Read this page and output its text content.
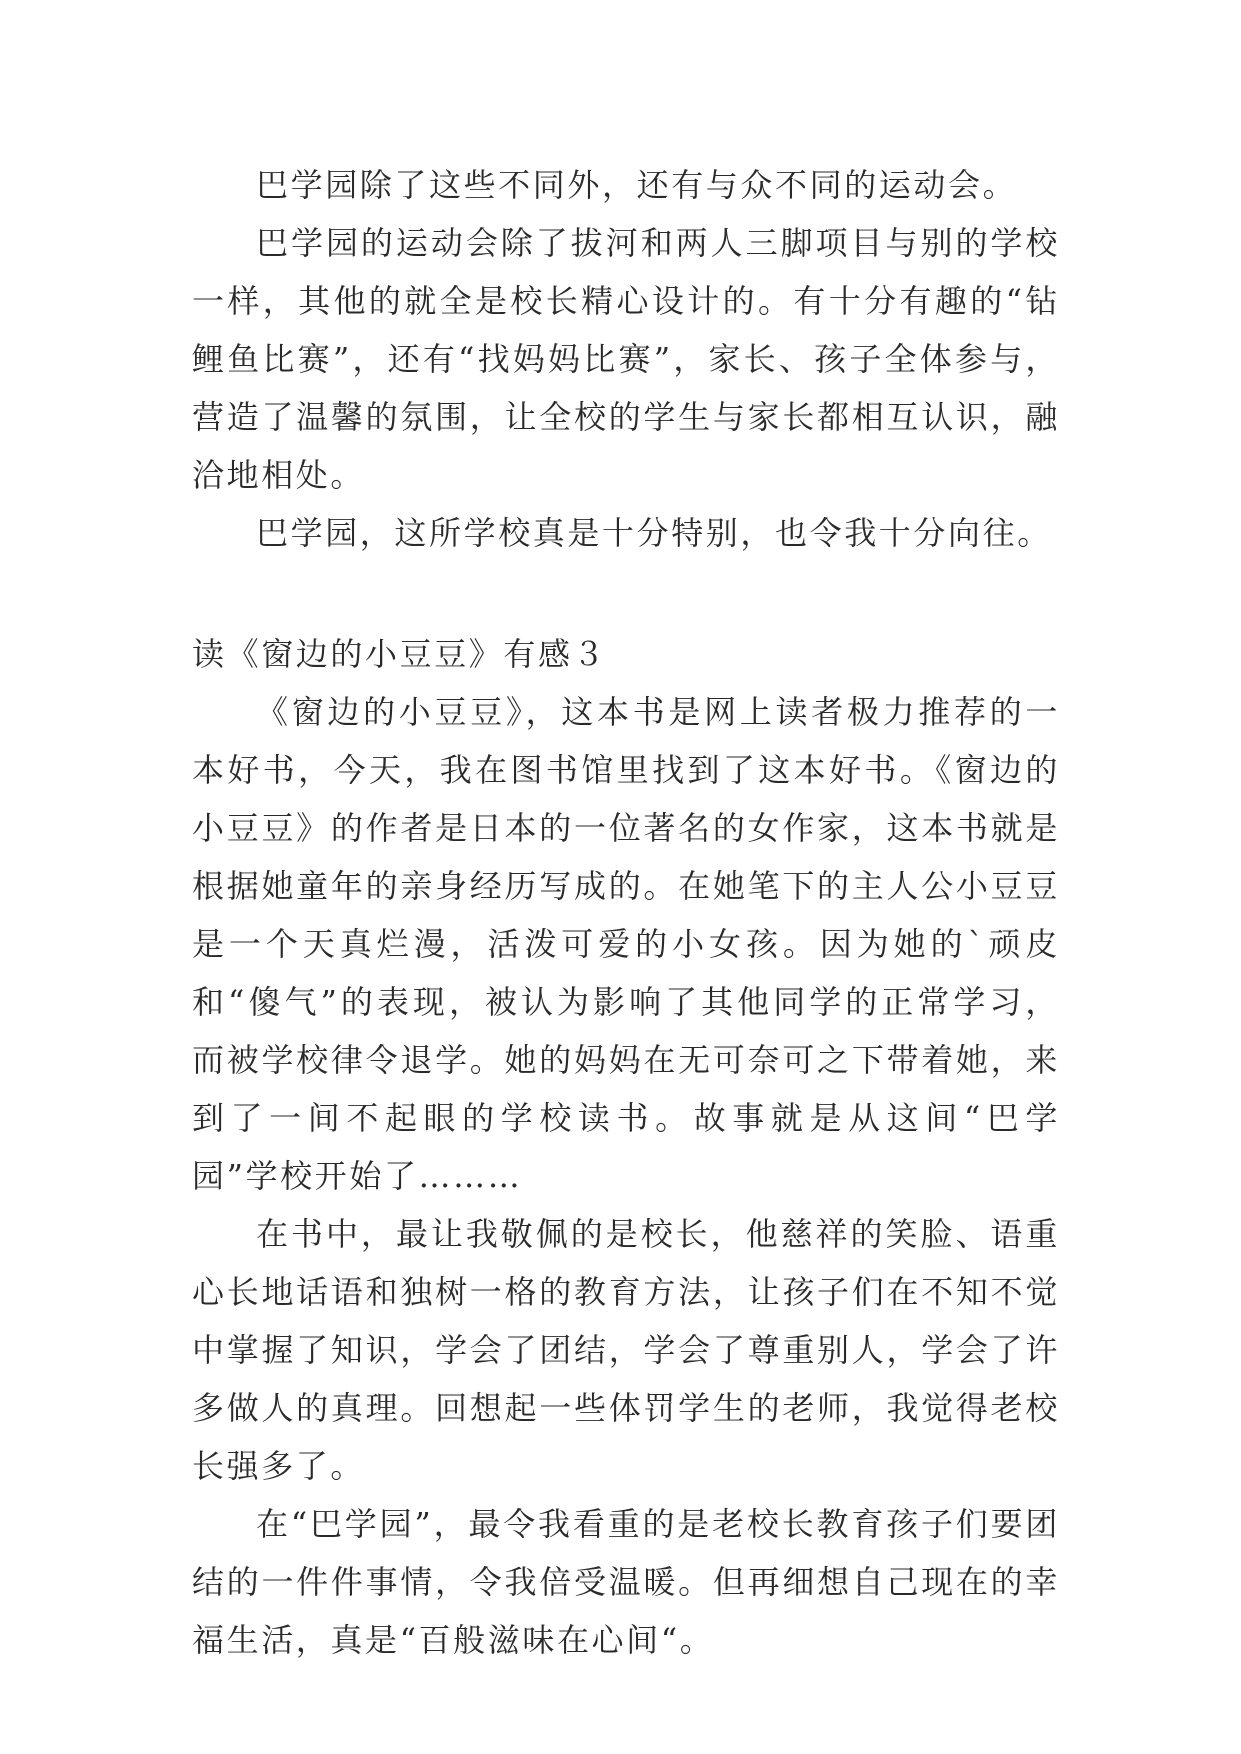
巴学园除了这些不同外，还有与众不同的运动会。

巴学园的运动会除了拔河和两人三脚项目与别的学校一样，其他的就全是校长精心设计的。有十分有趣的“钻鲤鱼比赛”，还有“找妈妈比赛”，家长、孩子全体参与，营造了温馨的氛围，让全校的学生与家长都相互认识，融洽地相处。

巴学园，这所学校真是十分特别，也令我十分向往。

读《窗边的小豆豆》有感３

《窗边的小豆豆》，这本书是网上读者极力推荐的一本好书，今天，我在图书馆里找到了这本好书。《窗边的小豆豆》的作者是日本的一位著名的女作家，这本书就是根据她童年的亲身经历写成的。在她笔下的主人公小豆豆是一个天真烂漫，活泼可爱的小女孩。因为她的`顽皮和“傻气”的表现，被认为影响了其他同学的正常学习，而被学校律令退学。她的妈妈在无可奈可之下带着她，来到了一间不起眼的学校读书。故事就是从这间“巴学园”学校开始了………

在书中，最让我敬佩的是校长，他慈祥的笑脸、语重心长地话语和独树一格的教育方法，让孩子们在不知不觉中掌握了知识，学会了团结，学会了尊重别人，学会了许多做人的真理。回想起一些体罚学生的老师，我觉得老校长强多了。

在“巴学园”，最令我看重的是老校长教育孩子们要团结的一件件事情，令我倍受温暖。但再细想自己现在的幸福生活，真是“百般滋味在心间“。
